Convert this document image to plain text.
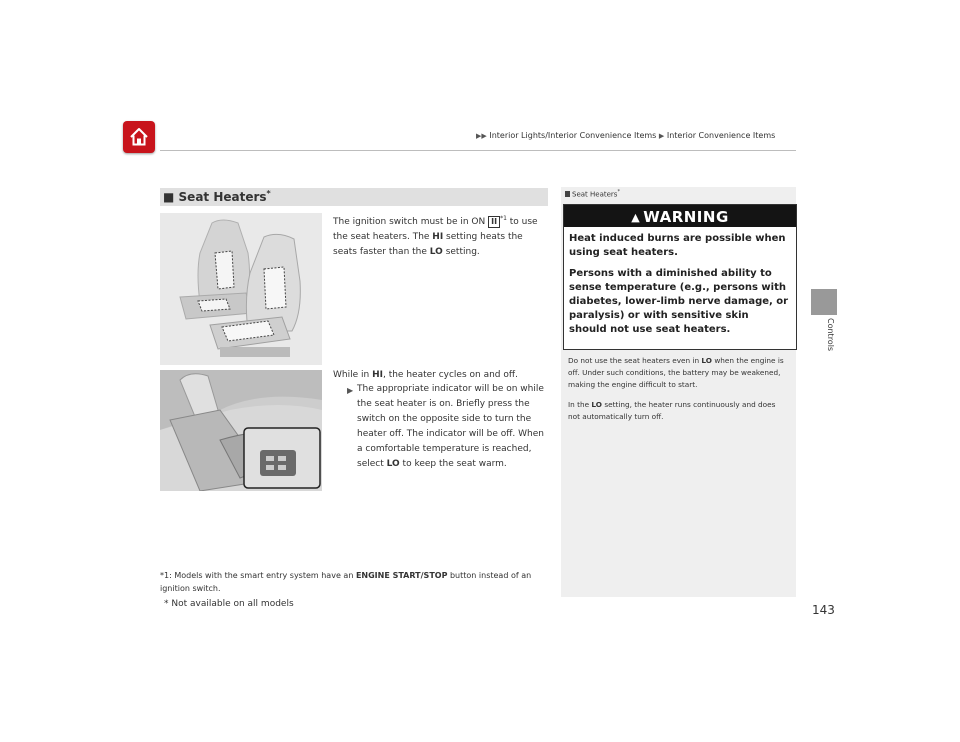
▶▶ Interior Lights/Interior Convenience Items ▶ Interior Convenience Items
Controls
■ Seat Heaters*
The ignition switch must be in ON II $^{*1}$ to use the seat heaters. The HI setting heats the seats faster than the LO setting.
While in HI, the heater cycles on and off.
▶ The appropriate indicator will be on while the seat heater is on. Briefly press the switch on the opposite side to turn the heater off. The indicator will be off. When a comfortable temperature is reached, select LO to keep the seat warm.
*1: Models with the smart entry system have an ENGINE START/STOP button instead of an ignition switch.
* Not available on all models	143
Seat Heaters*
▲ WARNING

Heat induced burns are possible when using seat heaters.

Persons with a diminished ability to sense temperature (e.g., persons with diabetes, lower-limb nerve damage, or paralysis) or with sensitive skin should not use seat heaters.

Do not use the seat heaters even in LO when the engine is off. Under such conditions, the battery may be weakened, making the engine difficult to start.

In the LO setting, the heater runs continuously and does not automatically turn off.
